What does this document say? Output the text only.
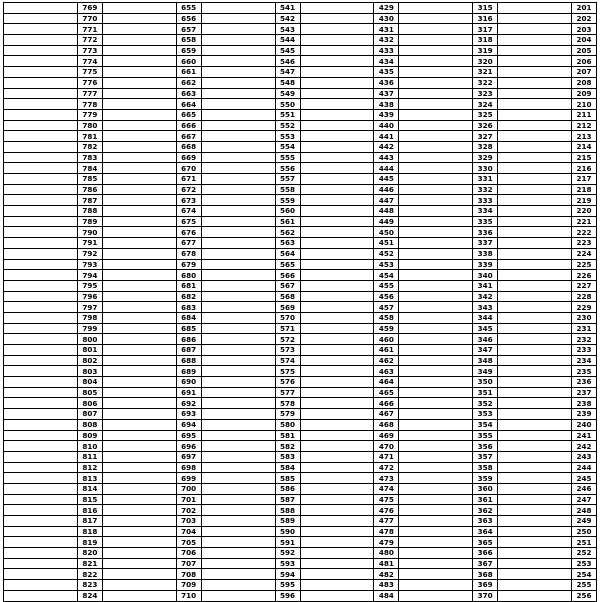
201		315		429		541		655		769	
202		316		430		542		656		770	
203		317		431		543		657		771	
204		318		432		544		658		772	
205		319		433		545		659		773	
206		320		434		546		660		774	
207		321		435		547		661		775	
208		322		436		548		662		776	
209		323		437		549		663		777	
210		324		438		550		664		778	
211		325		439		551		665		779	
212		326		440		552		666		780	
213		327		441		553		667		781	
214		328		442		554		668		782	
215		329		443		555		669		783	
216		330		444		556		670		784	
217		331		445		557		671		785	
218		332		446		558		672		786	
219		333		447		559		673		787	
220		334		448		560		674		788	
221		335		449		561		675		789	
222		336		450		562		676		790	
223		337		451		563		677		791	
224		338		452		564		678		792	
225		339		453		565		679		793	
226		340		454		566		680		794	
227		341		455		567		681		795	
228		342		456		568		682		796	
229		343		457		569		683		797	
230		344		458		570		684		798	
231		345		459		571		685		799	
232		346		460		572		686		800	
233		347		461		573		687		801	
234		348		462		574		688		802	
235		349		463		575		689		803	
236		350		464		576		690		804	
237		351		465		577		691		805	
238		352		466		578		692		806	
239		353		467		579		693		807	
240		354		468		580		694		808	
241		355		469		581		695		809	
242		356		470		582		696		810	
243		357		471		583		697		811	
244		358		472		584		698		812	
245		359		473		585		699		813	
246		360		474		586		700		814	
247		361		475		587		701		815	
248		362		476		588		702		816	
249		363		477		589		703		817	
250		364		478		590		704		818	
251		365		479		591		705		819	
252		366		480		592		706		820	
253		367		481		593		707		821	
254		368		482		594		708		822	
255		369		483		595		709		823	
256		370		484		596		710		824	
